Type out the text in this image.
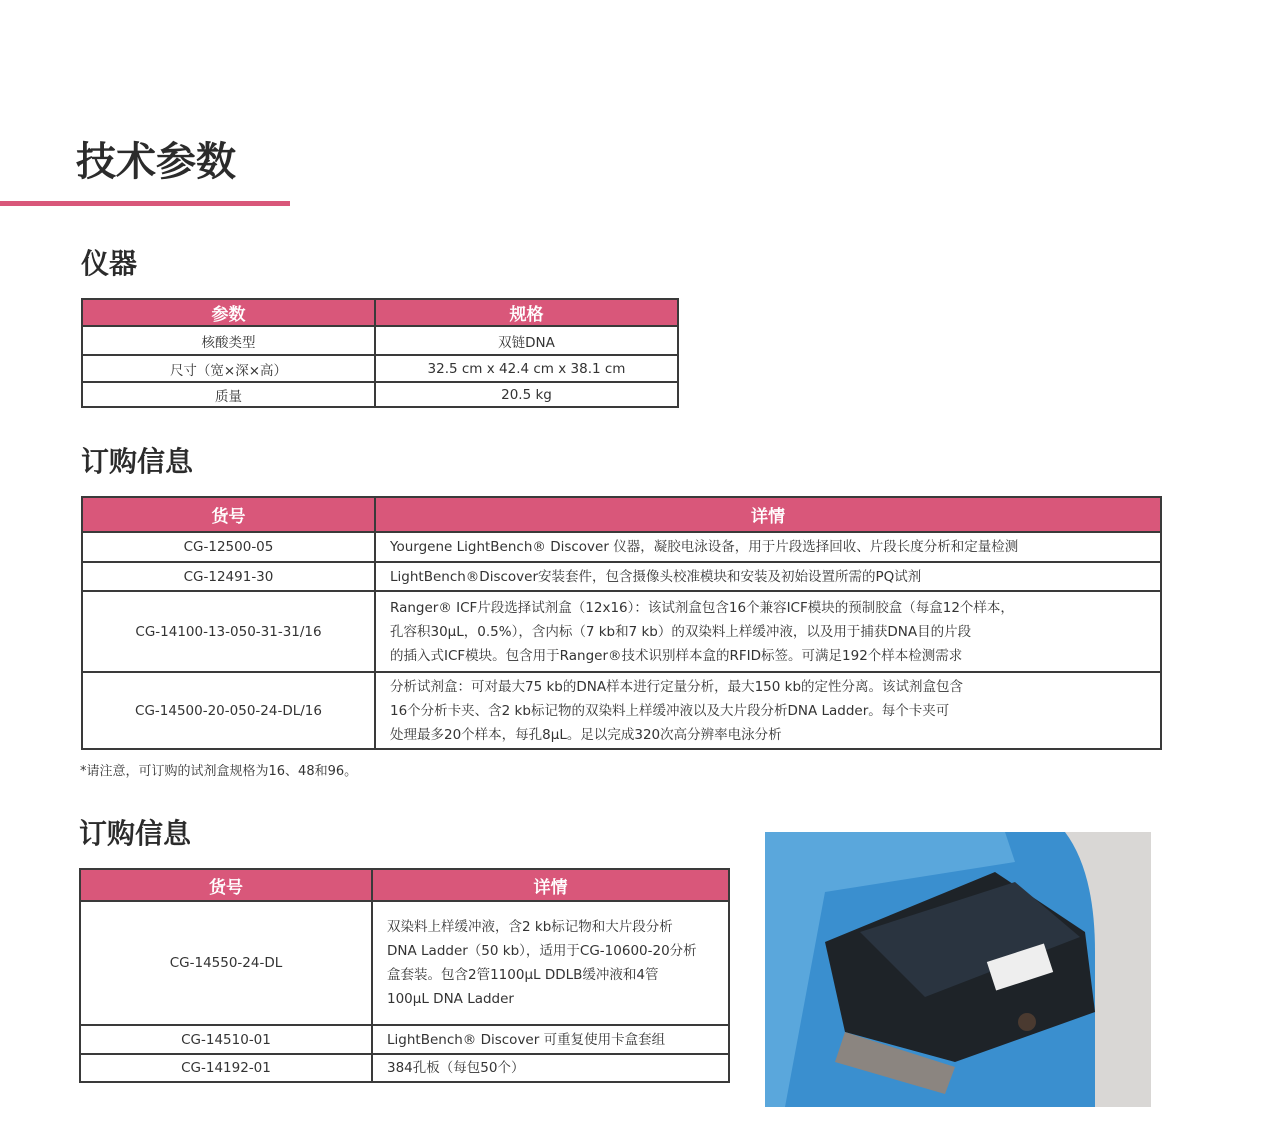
技术参数
仪器
参数	规格
核酸类型	双链DNA
尺寸（宽×深×高）	32.5 cm x 42.4 cm x 38.1 cm
质量	20.5 kg
订购信息
货号	详情
CG-12500-05	Yourgene LightBench® Discover 仪器，凝胶电泳设备，用于片段选择回收、片段长度分析和定量检测

CG-12491-30	LightBench®Discover安装套件，包含摄像头校准模块和安装及初始设置所需的PQ试剂

CG-14100-13-050-31-31/16	Ranger® ICF片段选择试剂盒（12x16）：该试剂盒包含16个兼容ICF模块的预制胶盒（每盒12个样本，
孔容积30μL，0.5%），含内标（7 kb和7 kb）的双染料上样缓冲液，以及用于捕获DNA目的片段
的插入式ICF模块。包含用于Ranger®技术识别样本盒的RFID标签。可满足192个样本检测需求

CG-14500-20-050-24-DL/16	分析试剂盒：可对最大75 kb的DNA样本进行定量分析，最大150 kb的定性分离。该试剂盒包含
16个分析卡夹、含2 kb标记物的双染料上样缓冲液以及大片段分析DNA Ladder。每个卡夹可
处理最多20个样本，每孔8μL。足以完成320次高分辨率电泳分析
*请注意，可订购的试剂盒规格为16、48和96。
订购信息
货号	详情
CG-14550-24-DL	双染料上样缓冲液，含2 kb标记物和大片段分析
DNA Ladder（50 kb），适用于CG-10600-20分析
盒套装。包含2管1100μL DDLB缓冲液和4管
100μL DNA Ladder

CG-14510-01	LightBench® Discover 可重复使用卡盒套组

CG-14192-01	384孔板（每包50个）
